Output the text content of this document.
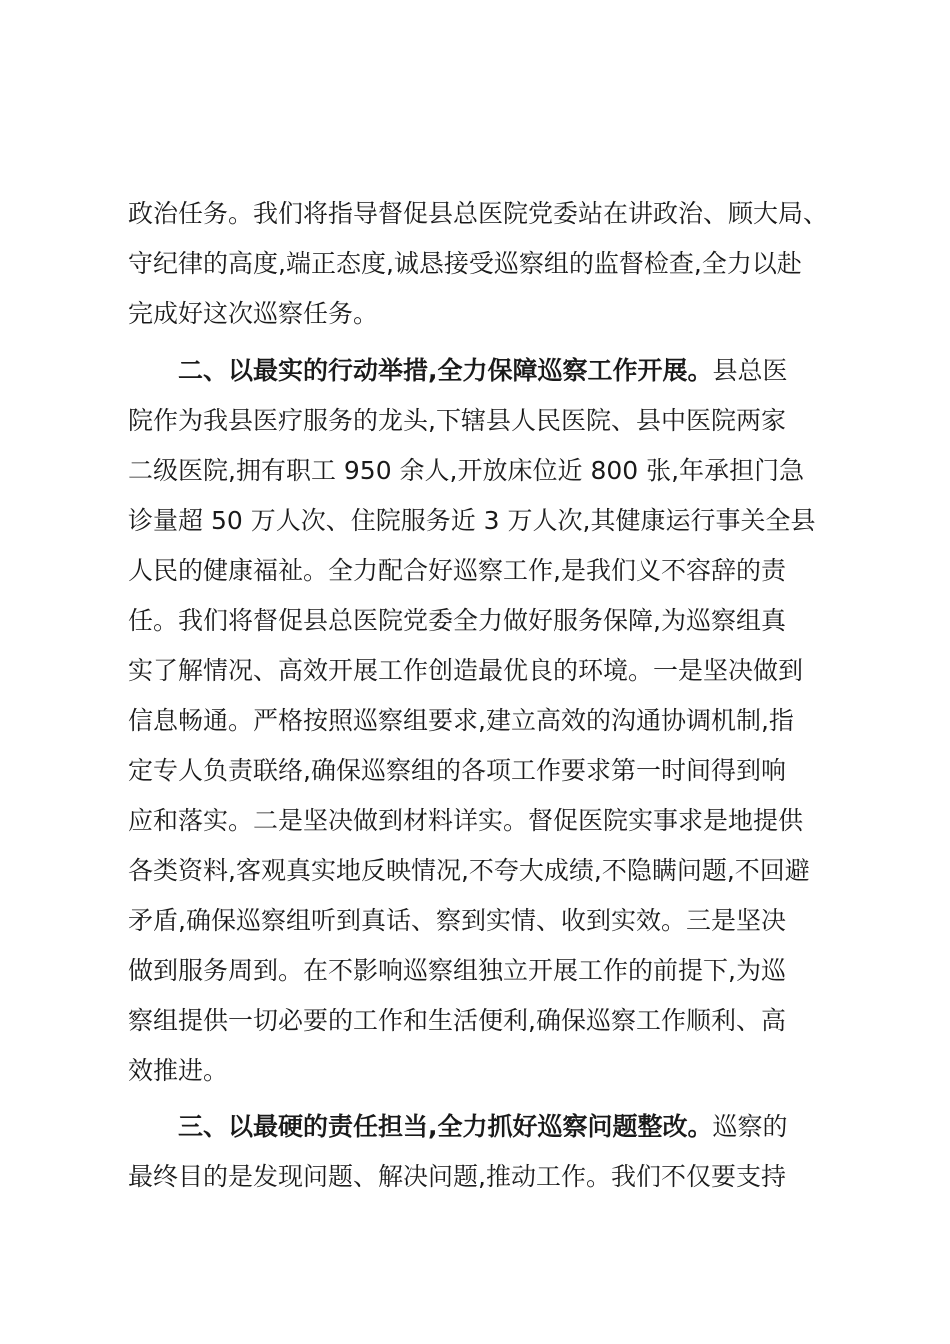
政治任务。我们将指导督促县总医院党委站在讲政治、顾大局、
守纪律的高度,端正态度,诚恳接受巡察组的监督检查,全力以赴
完成好这次巡察任务。
二、以最实的行动举措,全力保障巡察工作开展。县总医
院作为我县医疗服务的龙头,下辖县人民医院、县中医院两家
二级医院,拥有职工 950 余人,开放床位近 800 张,年承担门急
诊量超 50 万人次、住院服务近 3 万人次,其健康运行事关全县
人民的健康福祉。全力配合好巡察工作,是我们义不容辞的责
任。我们将督促县总医院党委全力做好服务保障,为巡察组真
实了解情况、高效开展工作创造最优良的环境。一是坚决做到
信息畅通。严格按照巡察组要求,建立高效的沟通协调机制,指
定专人负责联络,确保巡察组的各项工作要求第一时间得到响
应和落实。二是坚决做到材料详实。督促医院实事求是地提供
各类资料,客观真实地反映情况,不夸大成绩,不隐瞒问题,不回避
矛盾,确保巡察组听到真话、察到实情、收到实效。三是坚决
做到服务周到。在不影响巡察组独立开展工作的前提下,为巡
察组提供一切必要的工作和生活便利,确保巡察工作顺利、高
效推进。
三、以最硬的责任担当,全力抓好巡察问题整改。巡察的
最终目的是发现问题、解决问题,推动工作。我们不仅要支持
